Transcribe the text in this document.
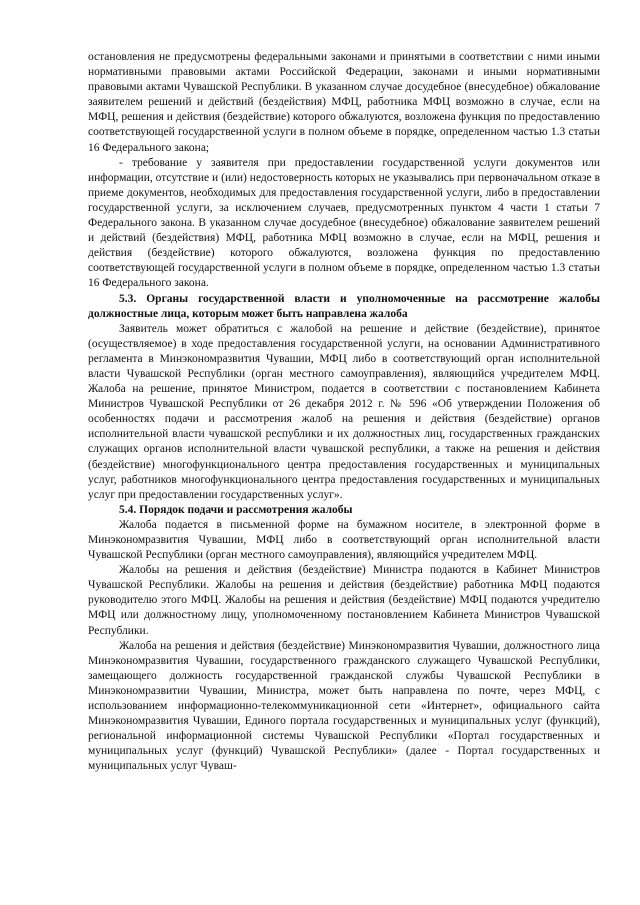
остановления не предусмотрены федеральными законами и принятыми в соответствии с ними иными нормативными правовыми актами Российской Федерации, законами и иными нормативными правовыми актами Чувашской Республики. В указанном случае досудебное (внесудебное) обжалование заявителем решений и действий (бездействия) МФЦ, работника МФЦ возможно в случае, если на МФЦ, решения и действия (бездействие) которого обжалуются, возложена функция по предоставлению соответствующей государственной услуги в полном объеме в порядке, определенном частью 1.3 статьи 16 Федерального закона;

- требование у заявителя при предоставлении государственной услуги документов или информации, отсутствие и (или) недостоверность которых не указывались при первоначальном отказе в приеме документов, необходимых для предоставления государственной услуги, либо в предоставлении государственной услуги, за исключением случаев, предусмотренных пунктом 4 части 1 статьи 7 Федерального закона. В указанном случае досудебное (внесудебное) обжалование заявителем решений и действий (бездействия) МФЦ, работника МФЦ возможно в случае, если на МФЦ, решения и действия (бездействие) которого обжалуются, возложена функция по предоставлению соответствующей государственной услуги в полном объеме в порядке, определенном частью 1.3 статьи 16 Федерального закона.

5.3. Органы государственной власти и уполномоченные на рассмотрение жалобы должностные лица, которым может быть направлена жалоба

Заявитель может обратиться с жалобой на решение и действие (бездействие), принятое (осуществляемое) в ходе предоставления государственной услуги, на основании Административного регламента в Минэкономразвития Чувашии, МФЦ либо в соответствующий орган исполнительной власти Чувашской Республики (орган местного самоуправления), являющийся учредителем МФЦ. Жалоба на решение, принятое Министром, подается в соответствии с постановлением Кабинета Министров Чувашской Республики от 26 декабря 2012 г. № 596 «Об утверждении Положения об особенностях подачи и рассмотрения жалоб на решения и действия (бездействие) органов исполнительной власти чувашской республики и их должностных лиц, государственных гражданских служащих органов исполнительной власти чувашской республики, а также на решения и действия (бездействие) многофункционального центра предоставления государственных и муниципальных услуг, работников многофункционального центра предоставления государственных и муниципальных услуг при предоставлении государственных услуг».

5.4. Порядок подачи и рассмотрения жалобы

Жалоба подается в письменной форме на бумажном носителе, в электронной форме в Минэкономразвития Чувашии, МФЦ либо в соответствующий орган исполнительной власти Чувашской Республики (орган местного самоуправления), являющийся учредителем МФЦ.

Жалобы на решения и действия (бездействие) Министра подаются в Кабинет Министров Чувашской Республики. Жалобы на решения и действия (бездействие) работника МФЦ подаются руководителю этого МФЦ. Жалобы на решения и действия (бездействие) МФЦ подаются учредителю МФЦ или должностному лицу, уполномоченному постановлением Кабинета Министров Чувашской Республики.

Жалоба на решения и действия (бездействие) Минэкономразвития Чувашии, должностного лица Минэкономразвития Чувашии, государственного гражданского служащего Чувашской Республики, замещающего должность государственной гражданской службы Чувашской Республики в Минэкономразвитии Чувашии, Министра, может быть направлена по почте, через МФЦ, с использованием информационно-телекоммуникационной сети «Интернет», официального сайта Минэкономразвития Чувашии, Единого портала государственных и муниципальных услуг (функций), региональной информационной системы Чувашской Республики «Портал государственных и муниципальных услуг (функций) Чувашской Республики» (далее - Портал государственных и муниципальных услуг Чуваш-
